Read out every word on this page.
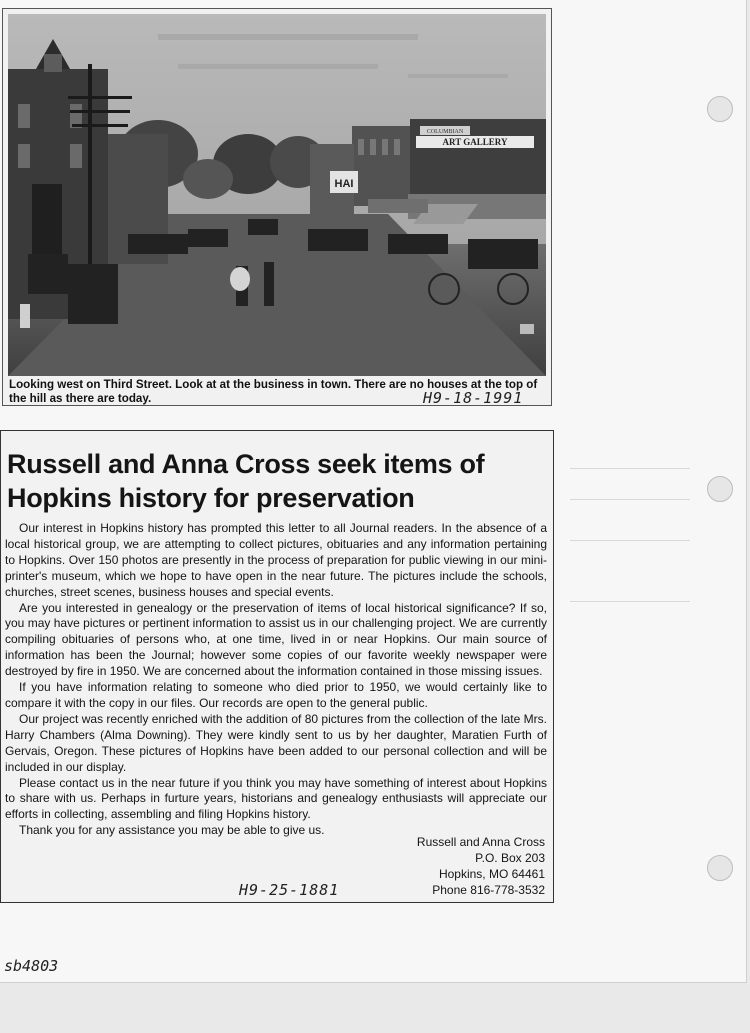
ART GALLERY
COLUMBIAN
HAI
Looking west on Third Street. Look at at the business in town. There are no houses at the top of the hill as there are today.	H9-18-1991
Russell and Anna Cross seek items of Hopkins history for preservation

Our interest in Hopkins history has prompted this letter to all Journal readers. In the absence of a local historical group, we are attempting to collect pictures, obituaries and any information pertaining to Hopkins. Over 150 photos are presently in the process of preparation for public viewing in our mini-printer's museum, which we hope to have open in the near future. The pictures include the schools, churches, street scenes, business houses and special events.

Are you interested in genealogy or the preservation of items of local historical significance? If so, you may have pictures or pertinent information to assist us in our challenging project. We are currently compiling obituaries of persons who, at one time, lived in or near Hopkins. Our main source of information has been the Journal; however some copies of our favorite weekly newspaper were destroyed by fire in 1950. We are concerned about the information contained in those missing issues.

If you have information relating to someone who died prior to 1950, we would certainly like to compare it with the copy in our files. Our records are open to the general public.

Our project was recently enriched with the addition of 80 pictures from the collection of the late Mrs. Harry Chambers (Alma Downing). They were kindly sent to us by her daughter, Maratien Furth of Gervais, Oregon. These pictures of Hopkins have been added to our personal collection and will be included in our display.

Please contact us in the near future if you think you may have something of interest about Hopkins to share with us. Perhaps in furture years, historians and genealogy enthusiasts will appreciate our efforts in collecting, assembling and filing Hopkins history.

Thank you for any assistance you may be able to give us.

Russell and Anna Cross
P.O. Box 203
Hopkins, MO 64461
Phone 816-778-3532
H9-25-1881
sb4803
